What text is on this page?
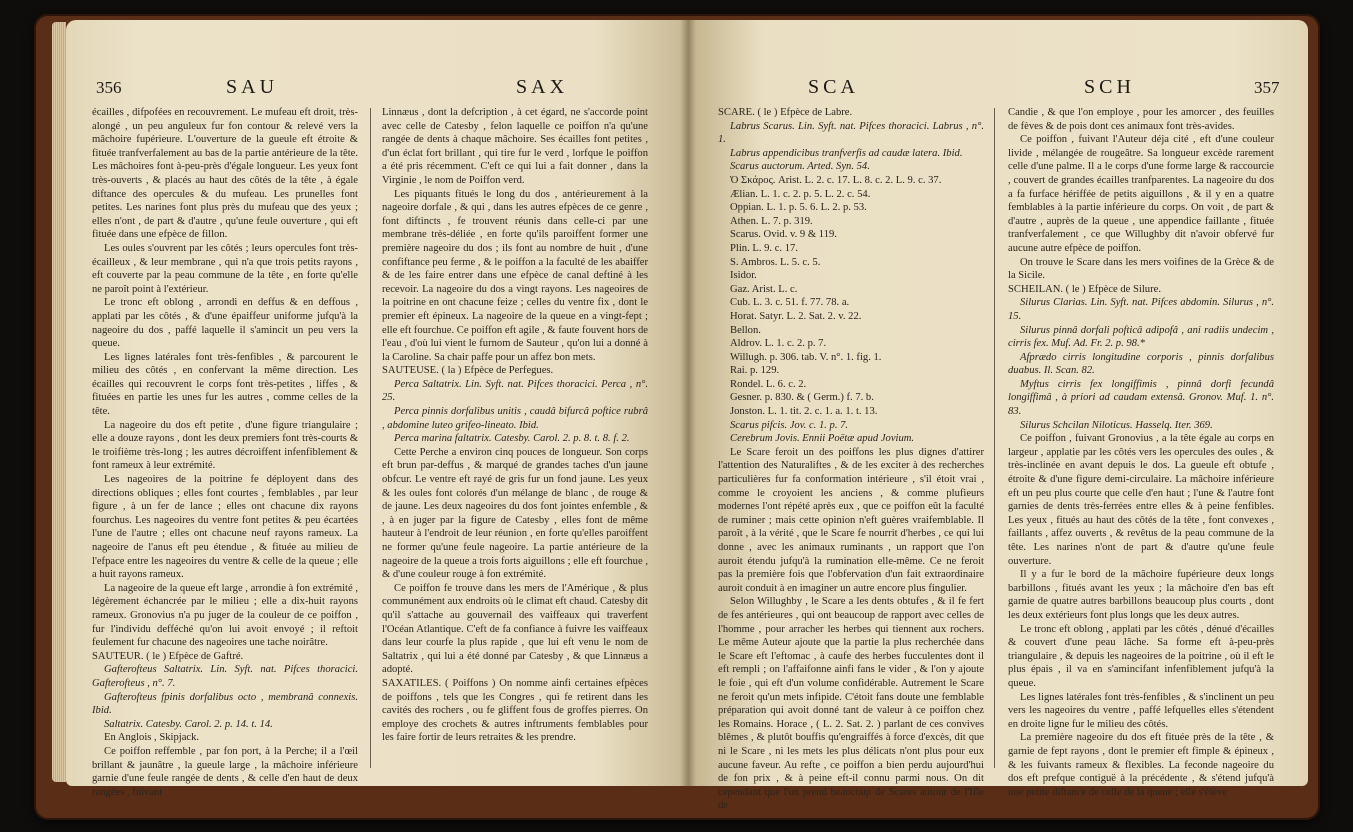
356	SAU	SAX

écailles , difpofées en recouvrement. Le mufeau eft droit, très-alongé , un peu anguleux fur fon contour & relevé vers la mâchoire fupérieure. L'ouverture de la gueule eft étroite & fituée tranfverfalement au bas de la partie antérieure de la tête. Les mâchoires font à-peu-près d'égale longueur. Les yeux font très-ouverts , & placés au haut des côtés de la tête , à égale diftance des opercules & du mufeau. Les prunelles font petites. Les narines font plus près du mufeau que des yeux ; elles n'ont , de part & d'autre , qu'une feule ouverture , qui eft fituée dans une efpèce de fillon.

Les oules s'ouvrent par les côtés ; leurs opercules font très-écailleux , & leur membrane , qui n'a que trois petits rayons , eft couverte par la peau commune de la tête , en forte qu'elle ne paroît point à l'extérieur.

Le tronc eft oblong , arrondi en deffus & en deffous , applati par les côtés , & d'une épaiffeur uniforme jufqu'à la nageoire du dos , paffé laquelle il s'amincit un peu vers la queue.

Les lignes latérales font très-fenfibles , & parcourent le milieu des côtés , en confervant la même direction. Les écailles qui recouvrent le corps font très-petites , liffes , & fituées en partie les unes fur les autres , comme celles de la tête.

La nageoire du dos eft petite , d'une figure triangulaire ; elle a douze rayons , dont les deux premiers font très-courts & le troifième très-long ; les autres décroiffent infenfiblement & font rameux à leur extrémité.

Les nageoires de la poitrine fe déployent dans des directions obliques ; elles font courtes , femblables , par leur figure , à un fer de lance ; elles ont chacune dix rayons fourchus. Les nageoires du ventre font petites & peu écartées l'une de l'autre ; elles ont chacune neuf rayons rameux. La nageoire de l'anus eft peu étendue , & fituée au milieu de l'efpace entre les nageoires du ventre & celle de la queue ; elle a huit rayons rameux.

La nageoire de la queue eft large , arrondie à fon extrémité , légèrement échancrée par le milieu ; elle a dix-huit rayons rameux. Gronovius n'a pu juger de la couleur de ce poiffon , fur l'individu defféché qu'on lui avoit envoyé ; il reftoit feulement fur chacune des nageoires une tache noirâtre.

SAUTEUR. ( le ) Efpèce de Gaftré.

Gafterofteus Saltatrix. Lin. Syft. nat. Pifces thoracici. Gafterofteus , n°. 7.

Gafterofteus fpinis dorfalibus octo , membranâ connexis. Ibid.

Saltatrix. Catesby. Carol. 2. p. 14. t. 14.

En Anglois , Skipjack.

Ce poiffon reffemble , par fon port, à la Perche; il a l'œil brillant & jaunâtre , la gueule large , la mâchoire inférieure garnie d'une feule rangée de dents , & celle d'en haut de deux rangées , fuivant

Linnæus , dont la defcription , à cet égard, ne s'accorde point avec celle de Catesby , felon laquelle ce poiffon n'a qu'une rangée de dents à chaque mâchoire. Ses écailles font petites , d'un éclat fort brillant , qui tire fur le verd , lorfque le poiffon a été pris récemment. C'eft ce qui lui a fait donner , dans la Virginie , le nom de Poiffon verd.

Les piquants fitués le long du dos , antérieurement à la nageoire dorfale , & qui , dans les autres efpèces de ce genre , font diftincts , fe trouvent réunis dans celle-ci par une membrane très-déliée , en forte qu'ils paroiffent former une première nageoire du dos ; ils font au nombre de huit , d'une confiftance peu ferme , & le poiffon a la faculté de les abaiffer & de les faire entrer dans une efpèce de canal deftiné à les recevoir. La nageoire du dos a vingt rayons. Les nageoires de la poitrine en ont chacune feize ; celles du ventre fix , dont le premier eft épineux. La nageoire de la queue en a vingt-fept ; elle eft fourchue. Ce poiffon eft agile , & faute fouvent hors de l'eau , d'où lui vient le furnom de Sauteur , qu'on lui a donné à la Caroline. Sa chair paffe pour un affez bon mets.

SAUTEUSE. ( la ) Efpèce de Perfegues.

Perca Saltatrix. Lin. Syft. nat. Pifces thoracici. Perca , n°. 25.

Perca pinnis dorfalibus unitis , caudâ bifurcâ poftice rubrâ , abdomine luteo grifeo-lineato. Ibid.

Perca marina faltatrix. Catesby. Carol. 2. p. 8. t. 8. f. 2.

Cette Perche a environ cinq pouces de longueur. Son corps eft brun par-deffus , & marqué de grandes taches d'un jaune obfcur. Le ventre eft rayé de gris fur un fond jaune. Les yeux & les oules font colorés d'un mélange de blanc , de rouge & de jaune. Les deux nageoires du dos font jointes enfemble , & , à en juger par la figure de Catesby , elles font de même hauteur à l'endroit de leur réunion , en forte qu'elles paroiffent ne former qu'une feule nageoire. La partie antérieure de la nageoire de la queue a trois forts aiguillons ; elle eft fourchue , & d'une couleur rouge à fon extrémité.

Ce poiffon fe trouve dans les mers de l'Amérique , & plus communément aux endroits où le climat eft chaud. Catesby dit qu'il s'attache au gouvernail des vaiffeaux qui traverfent l'Océan Atlantique. C'eft de fa confiance à fuivre les vaiffeaux dans leur courfe la plus rapide , que lui eft venu le nom de Saltatrix , qui lui a été donné par Catesby , & que Linnæus a adopté.

SAXATILES. ( Poiffons ) On nomme ainfi certaines efpèces de poiffons , tels que les Congres , qui fe retirent dans les cavités des rochers , ou fe gliffent fous de groffes pierres. On employe des crochets & autres inftruments femblables pour les faire fortir de leurs retraites & les prendre.

SCA	SCH	357

SCARE. ( le ) Efpèce de Labre.

Labrus Scarus. Lin. Syft. nat. Pifces thoracici. Labrus , n°. 1.

Labrus appendicibus tranfverfis ad caudæ latera. Ibid.

Scarus auctorum. Arted. Syn. 54.

Ὁ Σκάρος. Arist. L. 2. c. 17. L. 8. c. 2. L. 9. c. 37.

Ælian. L. 1. c. 2. p. 5. L. 2. c. 54.

Oppian. L. 1. p. 5. 6. L. 2. p. 53.

Athen. L. 7. p. 319.

Scarus. Ovid. v. 9 & 119.

Plin. L. 9. c. 17.

S. Ambros. L. 5. c. 5.

Isidor.

Gaz. Arist. L. c.

Cub. L. 3. c. 51. f. 77. 78. a.

Horat. Satyr. L. 2. Sat. 2. v. 22.

Bellon.

Aldrov. L. 1. c. 2. p. 7.

Willugh. p. 306. tab. V. n°. 1. fig. 1.

Rai. p. 129.

Rondel. L. 6. c. 2.

Gesner. p. 830. & ( Germ.) f. 7. b.

Jonston. L. 1. tit. 2. c. 1. a. 1. t. 13.

Scarus pifcis. Jov. c. 1. p. 7.

Cerebrum Jovis. Ennii Poëtæ apud Jovium.

Le Scare feroit un des poiffons les plus dignes d'attirer l'attention des Naturaliftes , & de les exciter à des recherches particulières fur fa conformation intérieure , s'il étoit vrai , comme le croyoient les anciens , & comme plufieurs modernes l'ont répété après eux , que ce poiffon eût la faculté de ruminer ; mais cette opinion n'eft guères vraifemblable. Il paroît , à la vérité , que le Scare fe nourrit d'herbes , ce qui lui donne , avec les animaux ruminants , un rapport que l'on auroit étendu jufqu'à la rumination elle-même. Ce ne feroit pas la première fois que l'obfervation d'un fait extraordinaire auroit conduit à en imaginer un autre encore plus fingulier.

Selon Willughby , le Scare a les dents obtufes , & il fe fert de fes antérieures , qui ont beaucoup de rapport avec celles de l'homme , pour arracher les herbes qui tiennent aux rochers. Le même Auteur ajoute que la partie la plus recherchée dans le Scare eft l'eftomac , à caufe des herbes fucculentes dont il eft rempli ; on l'affaifonne ainfi fans le vider , & l'on y ajoute le foie , qui eft d'un volume confidérable. Autrement le Scare ne feroit qu'un mets infipide. C'étoit fans doute une femblable préparation qui avoit donné tant de valeur à ce poiffon chez les Romains. Horace , ( L. 2. Sat. 2. ) parlant de ces convives blêmes , & plutôt bouffis qu'engraiffés à force d'excès, dit que ni le Scare , ni les mets les plus délicats n'ont plus pour eux aucune faveur. Au refte , ce poiffon a bien perdu aujourd'hui de fon prix , & à peine eft-il connu parmi nous. On dit cependant que l'on prend beaucoup de Scares autour de l'Ifle de

Candie , & que l'on employe , pour les amorcer , des feuilles de fèves & de pois dont ces animaux font très-avides.

Ce poiffon , fuivant l'Auteur déja cité , eft d'une couleur livide , mélangée de rougeâtre. Sa longueur excède rarement celle d'une palme. Il a le corps d'une forme large & raccourcie , couvert de grandes écailles tranfparentes. La nageoire du dos a fa furface hériffée de petits aiguillons , & il y en a quatre femblables à la partie inférieure du corps. On voit , de part & d'autre , auprès de la queue , une appendice faillante , fituée tranfverfalement , ce que Willughby dit n'avoir obfervé fur aucune autre efpèce de poiffon.

On trouve le Scare dans les mers voifines de la Grèce & de la Sicile.

SCHEILAN. ( le ) Efpèce de Silure.

Silurus Clarias. Lin. Syft. nat. Pifces abdomin. Silurus , n°. 15.

Silurus pinnâ dorfali pofticâ adipofâ , ani radiis undecim , cirris fex. Muf. Ad. Fr. 2. p. 98.*

Afprædo cirris longitudine corporis , pinnis dorfalibus duabus. Il. Scan. 82.

Myftus cirris fex longiffimis , pinnâ dorfi fecundâ longiffimâ , à priori ad caudam extensâ. Gronov. Muf. 1. n°. 83.

Silurus Schcilan Niloticus. Hasselq. Iter. 369.

Ce poiffon , fuivant Gronovius , a la tête égale au corps en largeur , applatie par les côtés vers les opercules des oules , & très-inclinée en avant depuis le dos. La gueule eft obtufe , étroite & d'une figure demi-circulaire. La mâchoire inférieure eft un peu plus courte que celle d'en haut ; l'une & l'autre font garnies de dents très-ferrées entre elles & à peine fenfibles. Les yeux , fitués au haut des côtés de la tête , font convexes , faillants , affez ouverts , & revêtus de la peau commune de la tête. Les narines n'ont de part & d'autre qu'une feule ouverture.

Il y a fur le bord de la mâchoire fupérieure deux longs barbillons , fitués avant les yeux ; la mâchoire d'en bas eft garnie de quatre autres barbillons beaucoup plus courts , dont les deux extérieurs font plus longs que les deux autres.

Le tronc eft oblong , applati par les côtés , dénué d'écailles & couvert d'une peau lâche. Sa forme eft à-peu-près triangulaire , & depuis les nageoires de la poitrine , où il eft le plus épais , il va en s'amincifant infenfiblement jufqu'à la queue.

Les lignes latérales font très-fenfibles , & s'inclinent un peu vers les nageoires du ventre , paffé lefquelles elles s'étendent en droite ligne fur le milieu des côtés.

La première nageoire du dos eft fituée près de la tête , & garnie de fept rayons , dont le premier eft fimple & épineux , & les fuivants rameux & flexibles. La feconde nageoire du dos eft prefque contiguë à la précédente , & s'étend jufqu'à une petite diftance de celle de la queue ; elle s'élève
